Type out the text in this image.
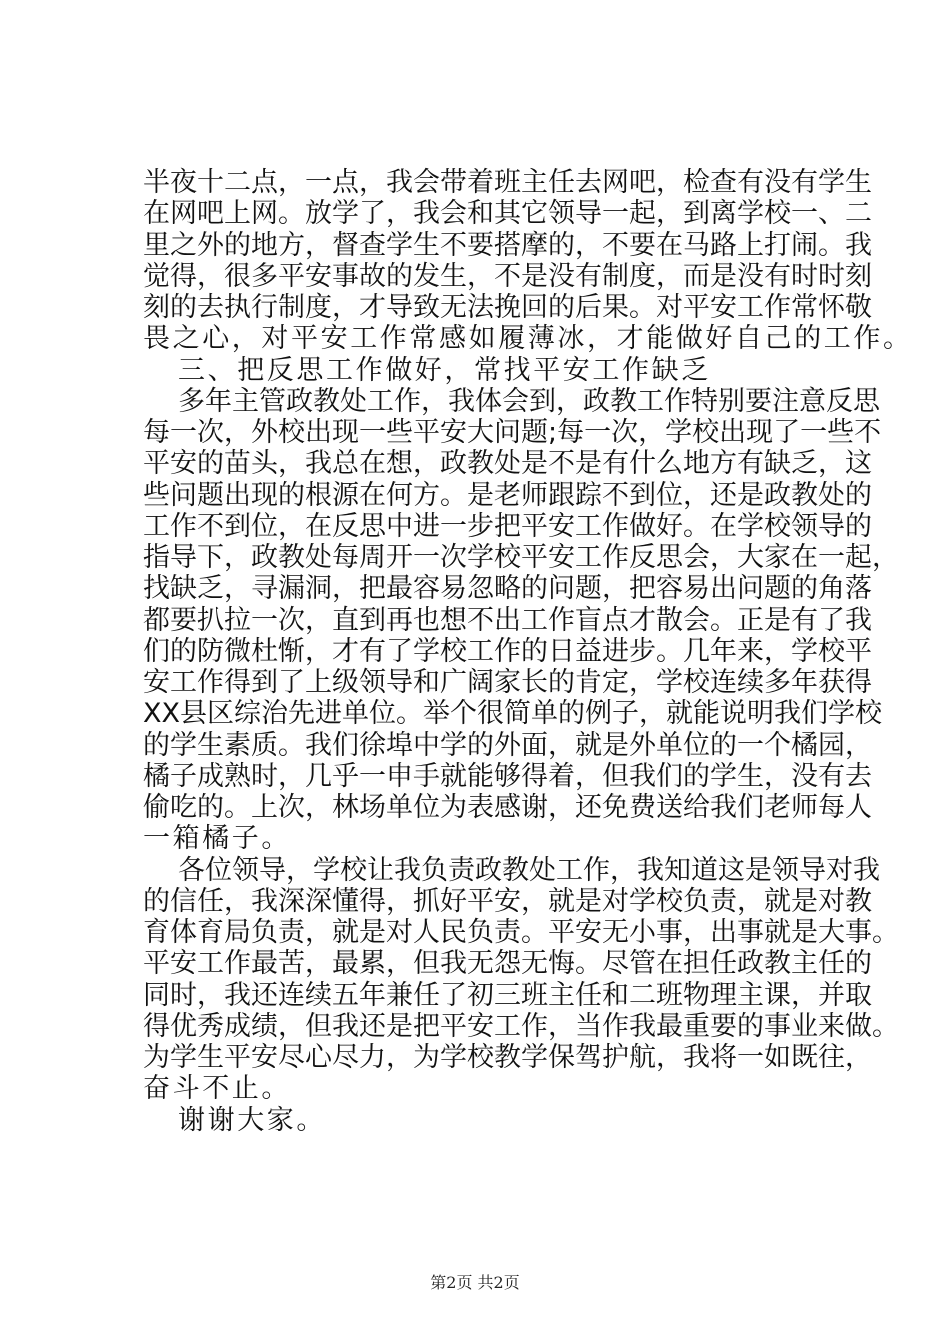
半夜十二点，一点，我会带着班主任去网吧，检查有没有学生
在网吧上网。放学了，我会和其它领导一起，到离学校一、二
里之外的地方，督查学生不要搭摩的，不要在马路上打闹。我
觉得，很多平安事故的发生，不是没有制度，而是没有时时刻
刻的去执行制度，才导致无法挽回的后果。对平安工作常怀敬
畏之心，对平安工作常感如履薄冰，才能做好自己的工作。
三、把反思工作做好，常找平安工作缺乏
多年主管政教处工作，我体会到，政教工作特别要注意反思
每一次，外校出现一些平安大问题;每一次，学校出现了一些不
平安的苗头，我总在想，政教处是不是有什么地方有缺乏，这
些问题出现的根源在何方。是老师跟踪不到位，还是政教处的
工作不到位，在反思中进一步把平安工作做好。在学校领导的
指导下，政教处每周开一次学校平安工作反思会，大家在一起，
找缺乏，寻漏洞，把最容易忽略的问题，把容易出问题的角落
都要扒拉一次，直到再也想不出工作盲点才散会。正是有了我
们的防微杜惭，才有了学校工作的日益进步。几年来，学校平
安工作得到了上级领导和广阔家长的肯定，学校连续多年获得
XX县区综治先进单位。举个很简单的例子，就能说明我们学校
的学生素质。我们徐埠中学的外面，就是外单位的一个橘园，
橘子成熟时，几乎一申手就能够得着，但我们的学生，没有去
偷吃的。上次，林场单位为表感谢，还免费送给我们老师每人
一箱橘子。
各位领导，学校让我负责政教处工作，我知道这是领导对我
的信任，我深深懂得，抓好平安，就是对学校负责，就是对教
育体育局负责，就是对人民负责。平安无小事，出事就是大事。
平安工作最苦，最累，但我无怨无悔。尽管在担任政教主任的
同时，我还连续五年兼任了初三班主任和二班物理主课，并取
得优秀成绩，但我还是把平安工作，当作我最重要的事业来做。
为学生平安尽心尽力，为学校教学保驾护航，我将一如既往，
奋斗不止。
谢谢大家。
第2页 共2页
